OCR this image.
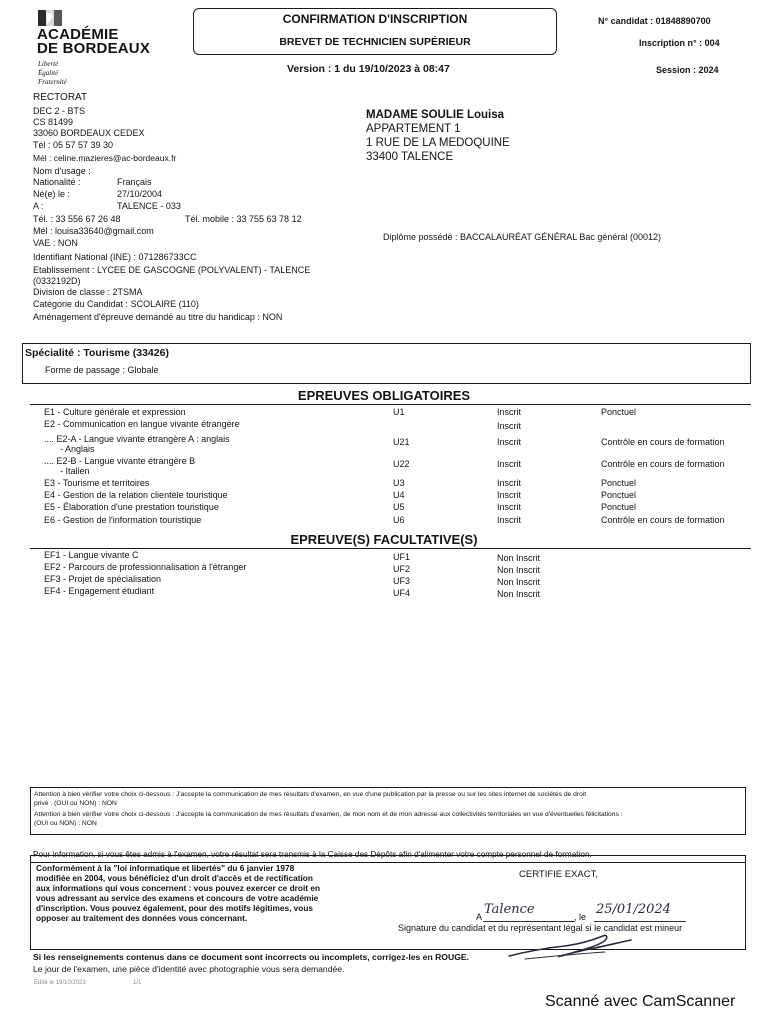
ACADÉMIE
DE BORDEAUX
Liberté
Égalité
Fraternité
CONFIRMATION D'INSCRIPTION
BREVET DE TECHNICIEN SUPÉRIEUR
Version : 1 du 19/10/2023 à 08:47
N° candidat : 01848890700
Inscription n° : 004
Session : 2024
RECTORAT
DEC 2 - BTS
CS 81499
33060 BORDEAUX CEDEX
Tél : 05 57 57 39 30
Mél : celine.mazieres@ac-bordeaux.fr
MADAME SOULIE Louisa
APPARTEMENT 1
1 RUE DE LA MEDOQUINE
33400 TALENCE
Nom d'usage :
Nationalité :	Français
Né(e) le :	27/10/2004
A :	TALENCE - 033
Tél. : 33 556 67 26 48	Tél. mobile : 33 755 63 78 12
Mél : louisa33640@gmail.com
VAE : NON
Identifiant National (INE) : 071286733CC
Etablissement : LYCEE DE GASCOGNE (POLYVALENT) - TALENCE
(0332192D)
Division de classe : 2TSMA
Catégorie du Candidat : SCOLAIRE (110)
Aménagement d'épreuve demandé au titre du handicap : NON
Diplôme possédé : BACCALAURÉAT GÉNÉRAL Bac général (00012)
Spécialité : Tourisme (33426)
Forme de passage : Globale
EPREUVES OBLIGATOIRES
E1 - Culture générale et expression	U1	Inscrit	Ponctuel
E2 - Communication en langue vivante étrangère	Inscrit
.... E2-A - Langue vivante étrangère A : anglais	U21	Inscrit	Contrôle en cours de formation
- Anglais
.... E2-B - Langue vivante étrangère B	U22	Inscrit	Contrôle en cours de formation
- Italien
E3 - Tourisme et territoires	U3	Inscrit	Ponctuel
E4 - Gestion de la relation clientèle touristique	U4	Inscrit	Ponctuel
E5 - Élaboration d'une prestation touristique	U5	Inscrit	Ponctuel
E6 - Gestion de l'information touristique	U6	Inscrit	Contrôle en cours de formation
EPREUVE(S) FACULTATIVE(S)
EF1 - Langue vivante C	UF1	Non Inscrit
EF2 - Parcours de professionnalisation à l'étranger	UF2	Non Inscrit
EF3 - Projet de spécialisation	UF3	Non Inscrit
EF4 - Engagement étudiant	UF4	Non Inscrit
Attention à bien vérifier votre choix ci-dessous : J'accepte la communication de mes résultats d'examen, en vue d'une publication par la presse ou sur les sites internet de sociétés de droit
privé : (OUI ou NON) : NON
Attention à bien vérifier votre choix ci-dessous : J'accepte la communication de mes résultats d'examen, de mon nom et de mon adresse aux collectivités territoriales en vue d'éventuelles félicitations :
(OUI ou NON) : NON
Pour information, si vous êtes admis à l'examen, votre résultat sera transmis à la Caisse des Dépôts afin d'alimenter votre compte personnel de formation.
Conformément à la "loi informatique et libertés" du 6 janvier 1978
modifiée en 2004, vous bénéficiez d'un droit d'accès et de rectification
aux informations qui vous concernent : vous pouvez exercer ce droit en
vous adressant au service des examens et concours de votre académie
d'inscription. Vous pouvez également, pour des motifs légitimes, vous
opposer au traitement des données vous concernant.
CERTIFIE EXACT,
A Talence	, le 25/01/2024
Signature du candidat et du représentant légal si le candidat est mineur
Si les renseignements contenus dans ce document sont incorrects ou incomplets, corrigez-les en ROUGE.
Le jour de l'examen, une pièce d'identité avec photographie vous sera demandée.
Edité le 19/10/2023	1/1
Scanné avec CamScanner
